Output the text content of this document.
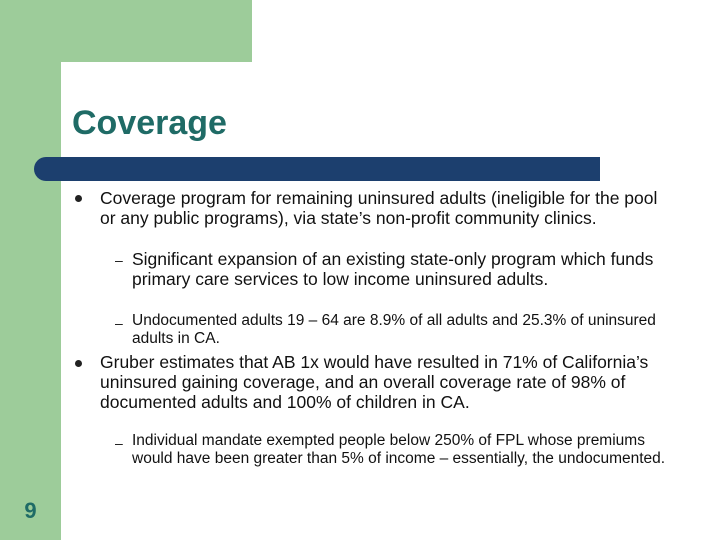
Coverage
Coverage program for remaining uninsured adults (ineligible for the pool or any public programs), via state’s non-profit community clinics.
– Significant expansion of an existing state-only program which funds primary care services to low income uninsured adults.
– Undocumented adults 19 – 64 are 8.9% of all adults and 25.3% of uninsured adults in CA.
Gruber estimates that AB 1x would have resulted in 71% of California’s uninsured gaining coverage, and an overall coverage rate of 98% of documented adults and 100% of children in CA.
– Individual mandate exempted people below 250% of FPL whose premiums would have been greater than 5% of income – essentially, the undocumented.
9
